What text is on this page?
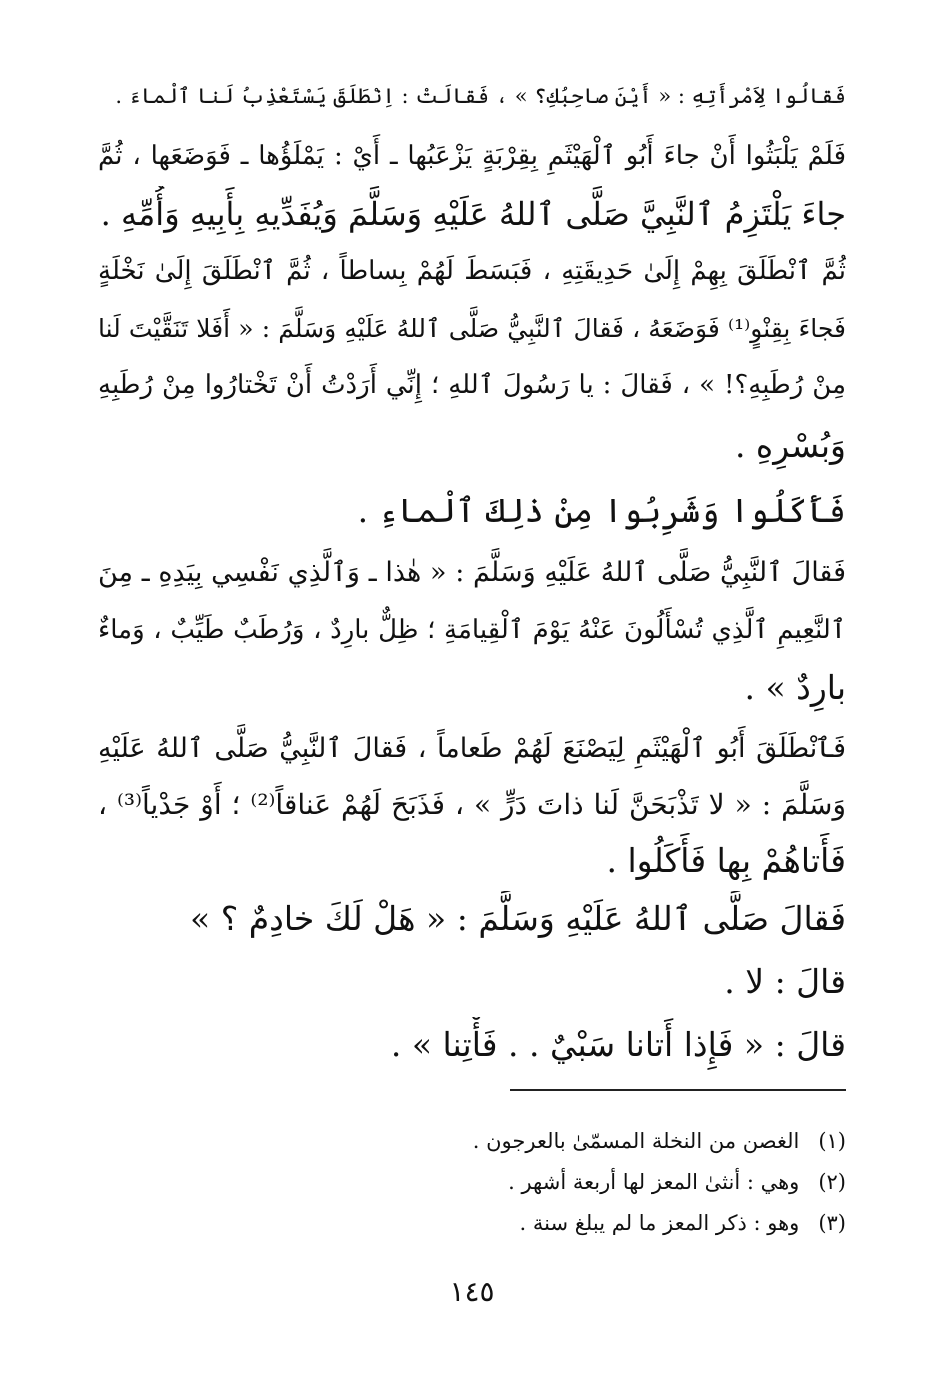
فَقالُوا لِاَمْرأَتِهِ : « أَيْنَ صاحِبُكِ؟ » ، فَقالَتْ : اِنْطَلَقَ يَسْتَعْذِبُ لَنا ٱلْماءَ .
فَلَمْ يَلْبَثُوا أَنْ جاءَ أَبُو ٱلْهَيْثَمِ بِقِرْبَةٍ يَزْعَبُها ـ أَيْ : يَمْلَؤُها ـ فَوَضَعَها ، ثُمَّ
جاءَ يَلْتَزِمُ ٱلنَّبِيَّ صَلَّى ٱللهُ عَلَيْهِ وَسَلَّمَ وَيُفَدِّيهِ بِأَبِيهِ وَأُمِّهِ .
ثُمَّ ٱنْطَلَقَ بِهِمْ إِلَىٰ حَدِيقَتِهِ ، فَبَسَطَ لَهُمْ بِساطاً ، ثُمَّ ٱنْطَلَقَ إِلَىٰ نَخْلَةٍ
فَجاءَ بِقِنْوٍ⁽¹⁾ فَوَضَعَهُ ، فَقالَ ٱلنَّبِيُّ صَلَّى ٱللهُ عَلَيْهِ وَسَلَّمَ : « أَفَلا تَنَقَّيْتَ لَنا
مِنْ رُطَبِهِ؟! » ، فَقالَ : يا رَسُولَ ٱللهِ ؛ إِنِّي أَرَدْتُ أَنْ تَخْتارُوا مِنْ رُطَبِهِ
وَبُسْرِهِ .
فَأَكَلُوا وَشَرِبُوا مِنْ ذٰلِكَ ٱلْماءِ .
فَقالَ ٱلنَّبِيُّ صَلَّى ٱللهُ عَلَيْهِ وَسَلَّمَ : « هٰذا ـ وَٱلَّذِي نَفْسِي بِيَدِهِ ـ مِنَ
ٱلنَّعِيمِ ٱلَّذِي تُسْأَلُونَ عَنْهُ يَوْمَ ٱلْقِيامَةِ ؛ ظِلٌّ بارِدٌ ، وَرُطَبٌ طَيِّبٌ ، وَماءٌ
بارِدٌ » .
فَٱنْطَلَقَ أَبُو ٱلْهَيْثَمِ لِيَصْنَعَ لَهُمْ طَعاماً ، فَقالَ ٱلنَّبِيُّ صَلَّى ٱللهُ عَلَيْهِ
وَسَلَّمَ : « لا تَذْبَحَنَّ لَنا ذاتَ دَرٍّ » ، فَذَبَحَ لَهُمْ عَناقاً⁽²⁾ ؛ أَوْ جَدْياً⁽³⁾ ،
فَأَتاهُمْ بِها فَأَكَلُوا .
فَقالَ صَلَّى ٱللهُ عَلَيْهِ وَسَلَّمَ : « هَلْ لَكَ خادِمٌ ؟ »
قالَ : لا .
قالَ : « فَإِذا أَتانا سَبْيٌ . . فَأْتِنا » .
(١) الغصن من النخلة المسمّىٰ بالعرجون .
(٢) وهي : أنثىٰ المعز لها أربعة أشهر .
(٣) وهو : ذكر المعز ما لم يبلغ سنة .
١٤٥
